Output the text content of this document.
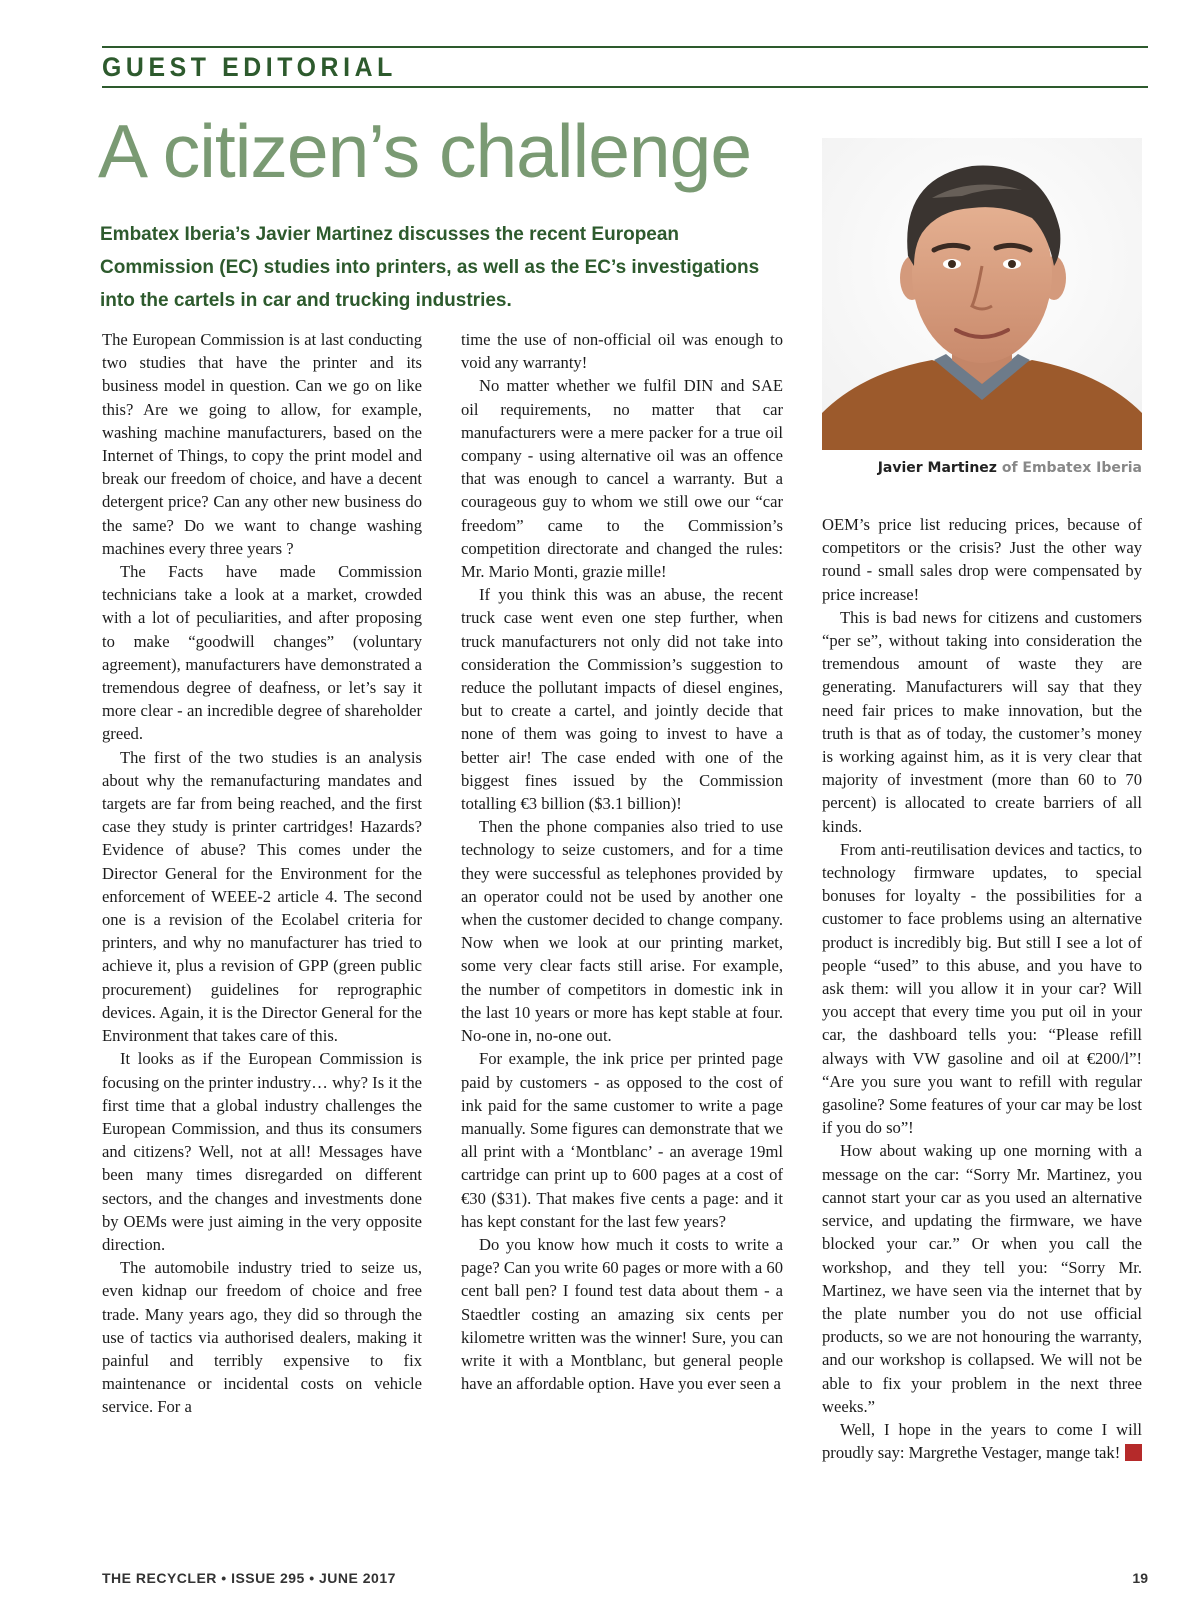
GUEST EDITORIAL
A citizen’s challenge

Embatex Iberia’s Javier Martinez discusses the recent European Commission (EC) studies into printers, as well as the EC’s investigations into the cartels in car and trucking industries.

Javier Martinez of Embatex Iberia

The European Commission is at last conducting two studies that have the printer and its business model in question. Can we go on like this? Are we going to allow, for example, washing machine manufacturers, based on the Internet of Things, to copy the print model and break our freedom of choice, and have a decent detergent price? Can any other new business do the same? Do we want to change washing machines every three years ?

The Facts have made Commission technicians take a look at a market, crowded with a lot of peculiarities, and after proposing to make “goodwill changes” (voluntary agreement), manufacturers have demonstrated a tremendous degree of deafness, or let’s say it more clear - an incredible degree of shareholder greed.

The first of the two studies is an analysis about why the remanufacturing mandates and targets are far from being reached, and the first case they study is printer cartridges! Hazards? Evidence of abuse? This comes under the Director General for the Environment for the enforcement of WEEE-2 article 4. The second one is a revision of the Ecolabel criteria for printers, and why no manufacturer has tried to achieve it, plus a revision of GPP (green public procurement) guidelines for reprographic devices. Again, it is the Director General for the Environment that takes care of this.

It looks as if the European Commission is focusing on the printer industry… why? Is it the first time that a global industry challenges the European Commission, and thus its consumers and citizens? Well, not at all! Messages have been many times disregarded on different sectors, and the changes and investments done by OEMs were just aiming in the very opposite direction.

The automobile industry tried to seize us, even kidnap our freedom of choice and free trade. Many years ago, they did so through the use of tactics via authorised dealers, making it painful and terribly expensive to fix maintenance or incidental costs on vehicle service. For a

time the use of non-official oil was enough to void any warranty!

No matter whether we fulfil DIN and SAE oil requirements, no matter that car manufacturers were a mere packer for a true oil company - using alternative oil was an offence that was enough to cancel a warranty. But a courageous guy to whom we still owe our “car freedom” came to the Commission’s competition directorate and changed the rules: Mr. Mario Monti, grazie mille!

If you think this was an abuse, the recent truck case went even one step further, when truck manufacturers not only did not take into consideration the Commission’s suggestion to reduce the pollutant impacts of diesel engines, but to create a cartel, and jointly decide that none of them was going to invest to have a better air! The case ended with one of the biggest fines issued by the Commission totalling €3 billion ($3.1 billion)!

Then the phone companies also tried to use technology to seize customers, and for a time they were successful as telephones provided by an operator could not be used by another one when the customer decided to change company. Now when we look at our printing market, some very clear facts still arise. For example, the number of competitors in domestic ink in the last 10 years or more has kept stable at four. No-one in, no-one out.

For example, the ink price per printed page paid by customers - as opposed to the cost of ink paid for the same customer to write a page manually. Some figures can demonstrate that we all print with a ‘Montblanc’ - an average 19ml cartridge can print up to 600 pages at a cost of €30 ($31). That makes five cents a page: and it has kept constant for the last few years?

Do you know how much it costs to write a page? Can you write 60 pages or more with a 60 cent ball pen? I found test data about them - a Staedtler costing an amazing six cents per kilometre written was the winner! Sure, you can write it with a Montblanc, but general people have an affordable option. Have you ever seen a

OEM’s price list reducing prices, because of competitors or the crisis? Just the other way round - small sales drop were compensated by price increase!

This is bad news for citizens and customers “per se”, without taking into consideration the tremendous amount of waste they are generating. Manufacturers will say that they need fair prices to make innovation, but the truth is that as of today, the customer’s money is working against him, as it is very clear that majority of investment (more than 60 to 70 percent) is allocated to create barriers of all kinds.

From anti-reutilisation devices and tactics, to technology firmware updates, to special bonuses for loyalty - the possibilities for a customer to face problems using an alternative product is incredibly big. But still I see a lot of people “used” to this abuse, and you have to ask them: will you allow it in your car? Will you accept that every time you put oil in your car, the dashboard tells you: “Please refill always with VW gasoline and oil at €200/l”! “Are you sure you want to refill with regular gasoline? Some features of your car may be lost if you do so”!

How about waking up one morning with a message on the car: “Sorry Mr. Martinez, you cannot start your car as you used an alternative service, and updating the firmware, we have blocked your car.” Or when you call the workshop, and they tell you: “Sorry Mr. Martinez, we have seen via the internet that by the plate number you do not use official products, so we are not honouring the warranty, and our workshop is collapsed. We will not be able to fix your problem in the next three weeks.”

Well, I hope in the years to come I will proudly say: Margrethe Vestager, mange tak!	R

THE RECYCLER • ISSUE 295 • JUNE 2017	19
